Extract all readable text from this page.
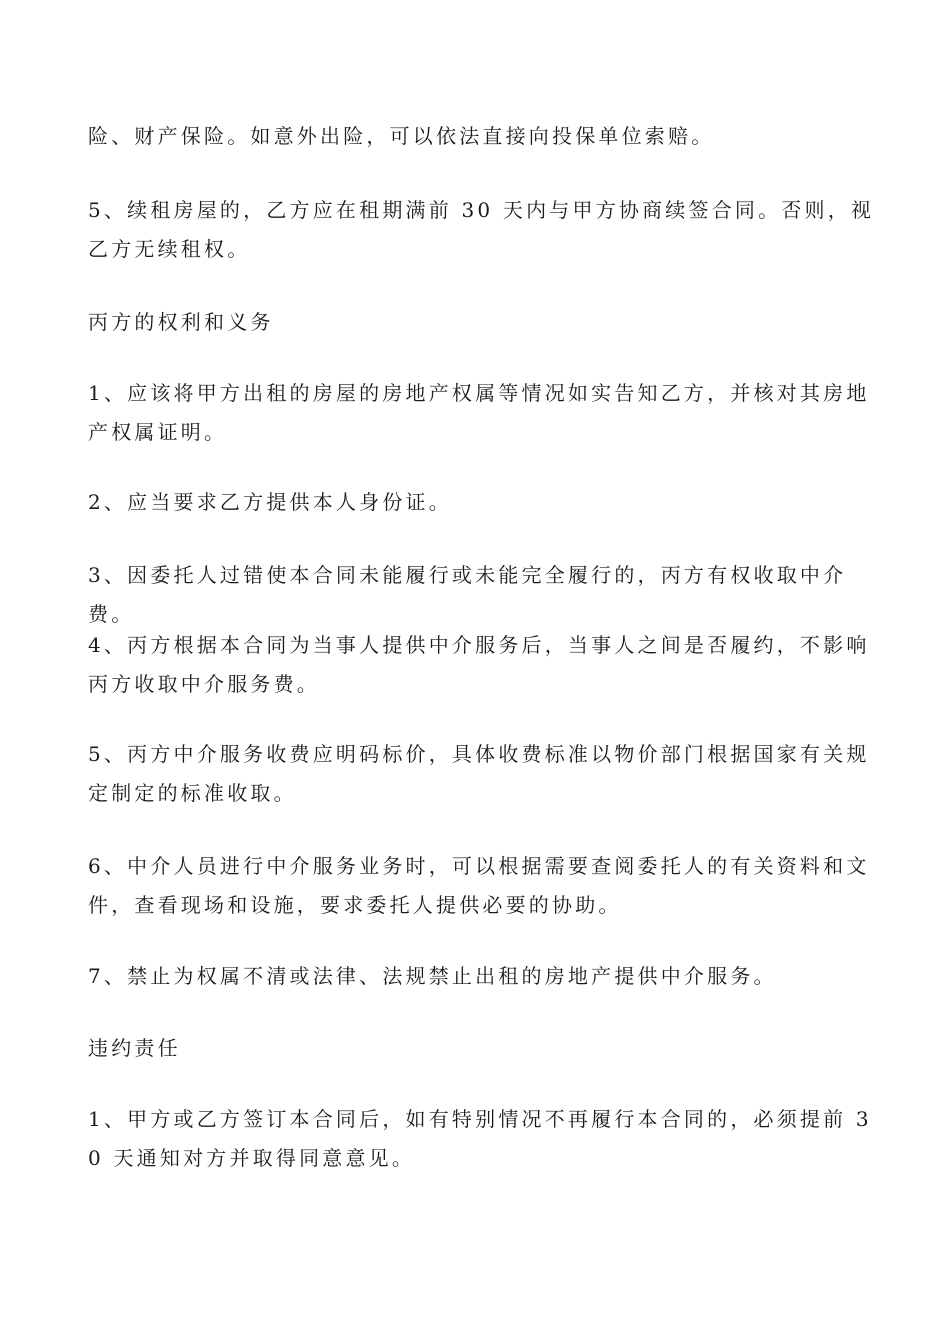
险、财产保险。如意外出险，可以依法直接向投保单位索赔。

5、续租房屋的，乙方应在租期满前 30 天内与甲方协商续签合同。否则，视乙方无续租权。

丙方的权利和义务

1、应该将甲方出租的房屋的房地产权属等情况如实告知乙方，并核对其房地产权属证明。

2、应当要求乙方提供本人身份证。

3、因委托人过错使本合同未能履行或未能完全履行的，丙方有权收取中介费。

4、丙方根据本合同为当事人提供中介服务后，当事人之间是否履约，不影响丙方收取中介服务费。

5、丙方中介服务收费应明码标价，具体收费标准以物价部门根据国家有关规定制定的标准收取。

6、中介人员进行中介服务业务时，可以根据需要查阅委托人的有关资料和文件，查看现场和设施，要求委托人提供必要的协助。

7、禁止为权属不清或法律、法规禁止出租的房地产提供中介服务。

违约责任

1、甲方或乙方签订本合同后，如有特别情况不再履行本合同的，必须提前 30 天通知对方并取得同意意见。
